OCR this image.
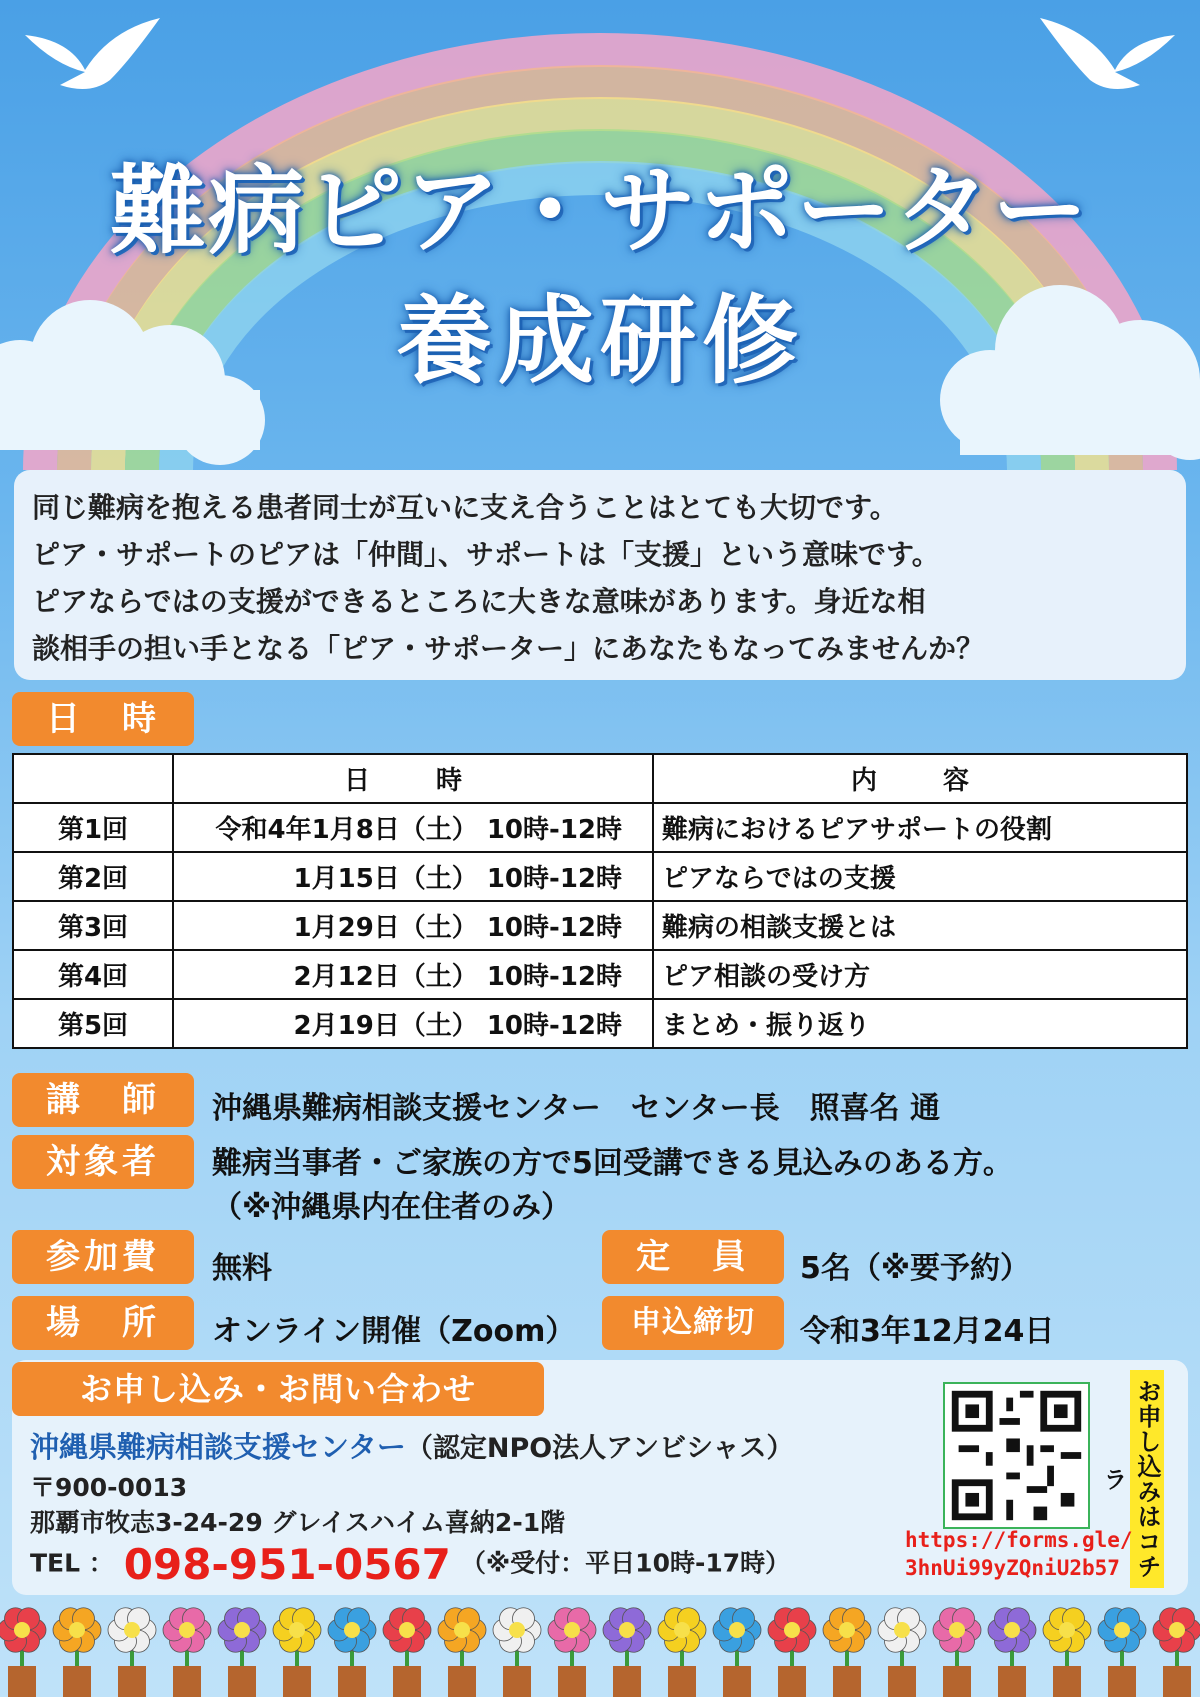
難病ピア・サポーター
養成研修

同じ難病を抱える患者同士が互いに支え合うことはとても大切です。

ピア・サポートのピアは「仲間」、サポートは「支援」という意味です。

ピアならではの支援ができるところに大きな意味があります。身近な相

談相手の担い手となる「ピア・サポーター」にあなたもなってみませんか？

日　時
	日　時	内　容
第1回	令和4年1月8日（土） 10時-12時	難病におけるピアサポートの役割
第2回	1月15日（土） 10時-12時	ピアならではの支援
第3回	1月29日（土） 10時-12時	難病の相談支援とは
第4回	2月12日（土） 10時-12時	ピア相談の受け方
第5回	2月19日（土） 10時-12時	まとめ・振り返り
講　師	沖縄県難病相談支援センター　センター長　照喜名 通
対象者	難病当事者・ご家族の方で5回受講できる見込みのある方。
（※沖縄県内在住者のみ）
参加費	無料	定　員	5名（※要予約）
場　所	オンライン開催（Zoom）	申込締切	令和3年12月24日
お申し込み・お問い合わせ
沖縄県難病相談支援センター（認定NPO法人アンビシャス）
〒900-0013
那覇市牧志3-24-29 グレイスハイム喜納2-1階
TEL ： 098-951-0567 （※受付：平日10時-17時）	お申し込みはコチラ
https://forms.gle/
3hnUi99yZQniU2b57
